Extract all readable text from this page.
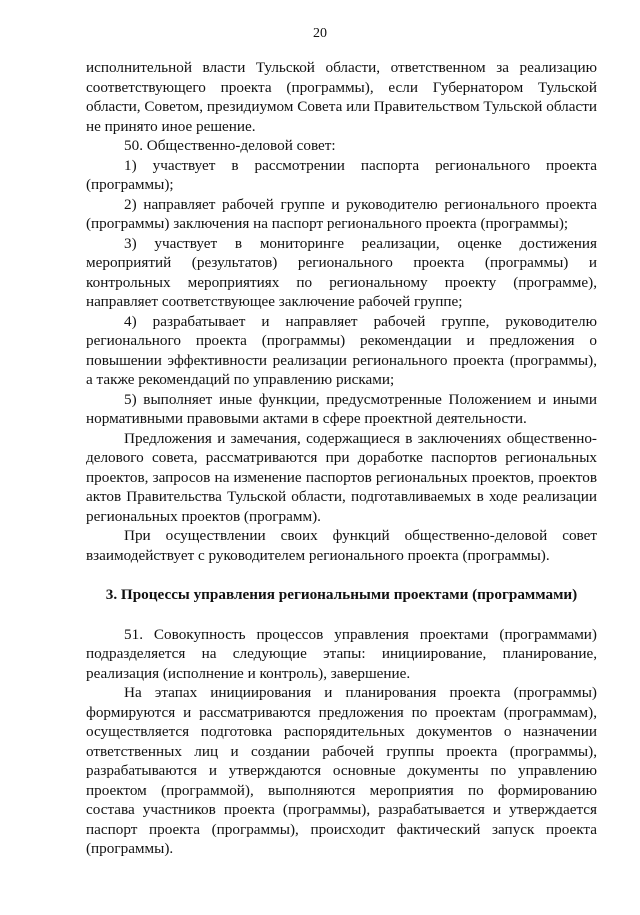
20

исполнительной власти Тульской области, ответственном за реализацию соответствующего проекта (программы), если Губернатором Тульской области, Советом, президиумом Совета или Правительством Тульской области не принято иное решение.

50. Общественно-деловой совет:

1) участвует в рассмотрении паспорта регионального проекта (программы);

2) направляет рабочей группе и руководителю регионального проекта (программы) заключения на паспорт регионального проекта (программы);

3) участвует в мониторинге реализации, оценке достижения мероприятий (результатов) регионального проекта (программы) и контрольных мероприятиях по региональному проекту (программе), направляет соответствующее заключение рабочей группе;

4) разрабатывает и направляет рабочей группе, руководителю регионального проекта (программы) рекомендации и предложения о повышении эффективности реализации регионального проекта (программы), а также рекомендаций по управлению рисками;

5) выполняет иные функции, предусмотренные Положением и иными нормативными правовыми актами в сфере проектной деятельности.

Предложения и замечания, содержащиеся в заключениях общественно-делового совета, рассматриваются при доработке паспортов региональных проектов, запросов на изменение паспортов региональных проектов, проектов актов Правительства Тульской области, подготавливаемых в ходе реализации региональных проектов (программ).

При осуществлении своих функций общественно-деловой совет взаимодействует с руководителем регионального проекта (программы).

3. Процессы управления региональными проектами (программами)

51. Совокупность процессов управления проектами (программами) подразделяется на следующие этапы: инициирование, планирование, реализация (исполнение и контроль), завершение.

На этапах инициирования и планирования проекта (программы) формируются и рассматриваются предложения по проектам (программам), осуществляется подготовка распорядительных документов о назначении ответственных лиц и создании рабочей группы проекта (программы), разрабатываются и утверждаются основные документы по управлению проектом (программой), выполняются мероприятия по формированию состава участников проекта (программы), разрабатывается и утверждается паспорт проекта (программы), происходит фактический запуск проекта (программы).
